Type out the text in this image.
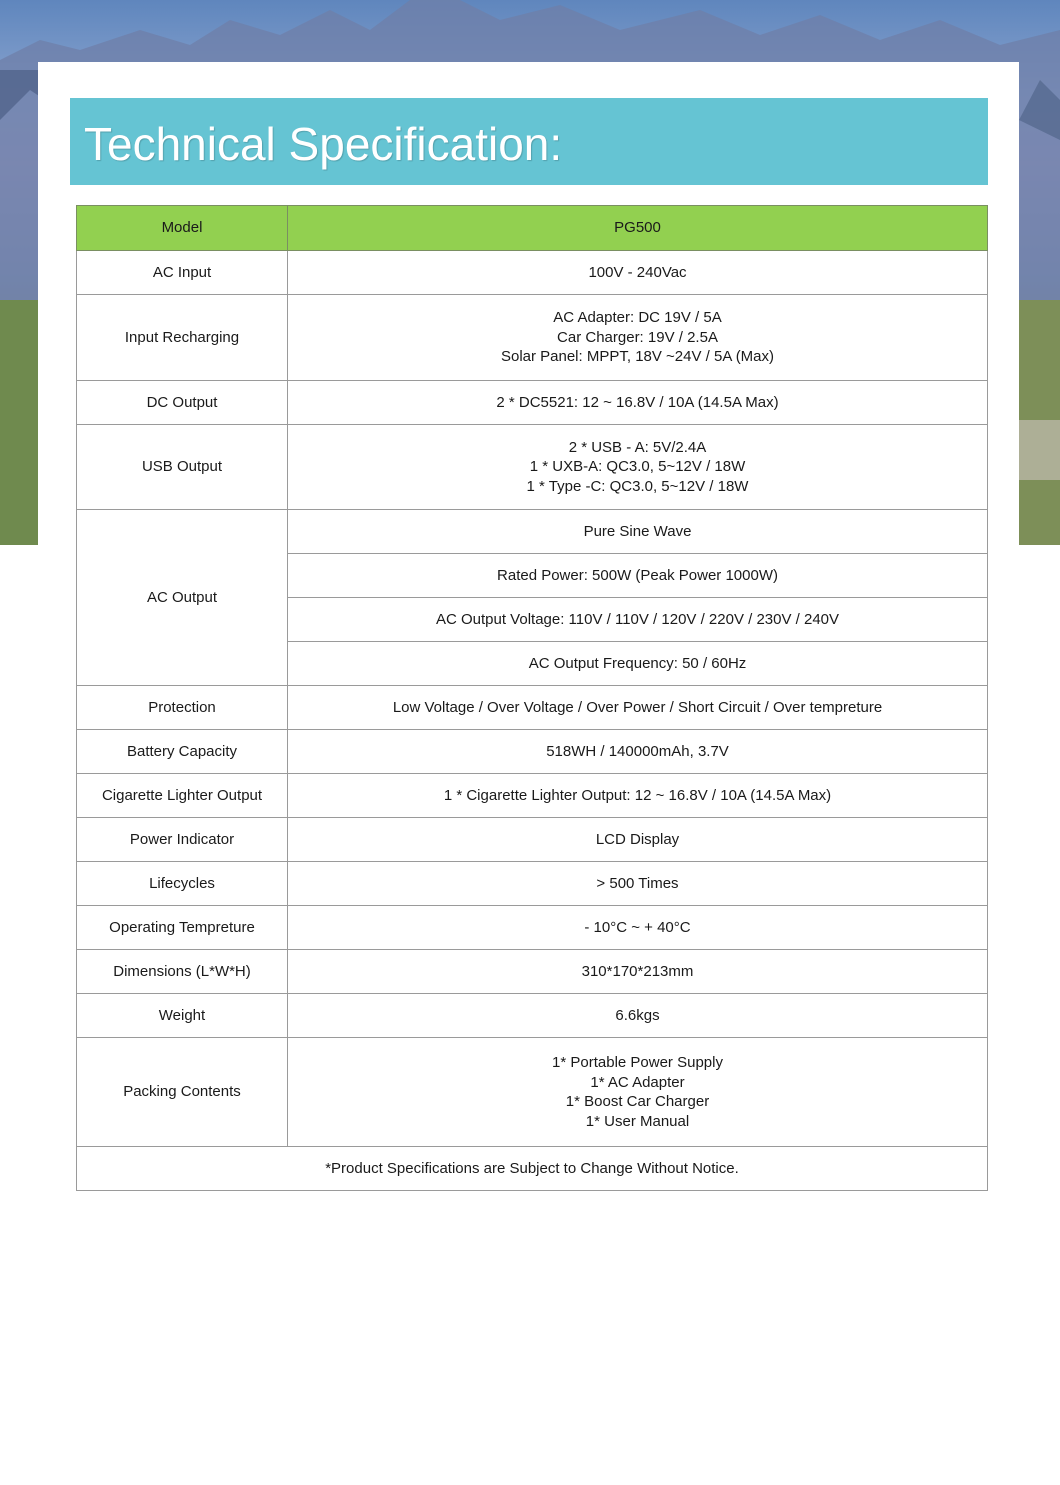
Technical Specification:
Model	PG500
AC Input	100V - 240Vac

Input Recharging	AC Adapter: DC 19V / 5A
Car Charger: 19V / 2.5A
Solar Panel: MPPT, 18V ~24V / 5A (Max)

DC Output	2 * DC5521: 12 ~ 16.8V / 10A (14.5A Max)

USB Output	2 * USB - A: 5V/2.4A
1 * UXB-A: QC3.0, 5~12V / 18W
1 * Type -C: QC3.0, 5~12V / 18W

AC Output	Pure Sine Wave
	Rated Power: 500W (Peak Power 1000W)
	AC Output Voltage: 110V / 110V / 120V / 220V / 230V / 240V
	AC Output Frequency: 50 / 60Hz
Protection	Low Voltage / Over Voltage / Over Power / Short Circuit / Over tempreture
Battery Capacity	518WH / 140000mAh, 3.7V
Cigarette Lighter Output	1 * Cigarette Lighter Output: 12 ~ 16.8V / 10A (14.5A Max)
Power Indicator	LCD Display
Lifecycles	> 500 Times
Operating Tempreture	- 10°C ~ + 40°C
Dimensions (L*W*H)	310*170*213mm
Weight	6.6kgs
Packing Contents	1* Portable Power Supply
1* AC Adapter
1* Boost Car Charger
1* User Manual

*Product Specifications are Subject to Change Without Notice.	
